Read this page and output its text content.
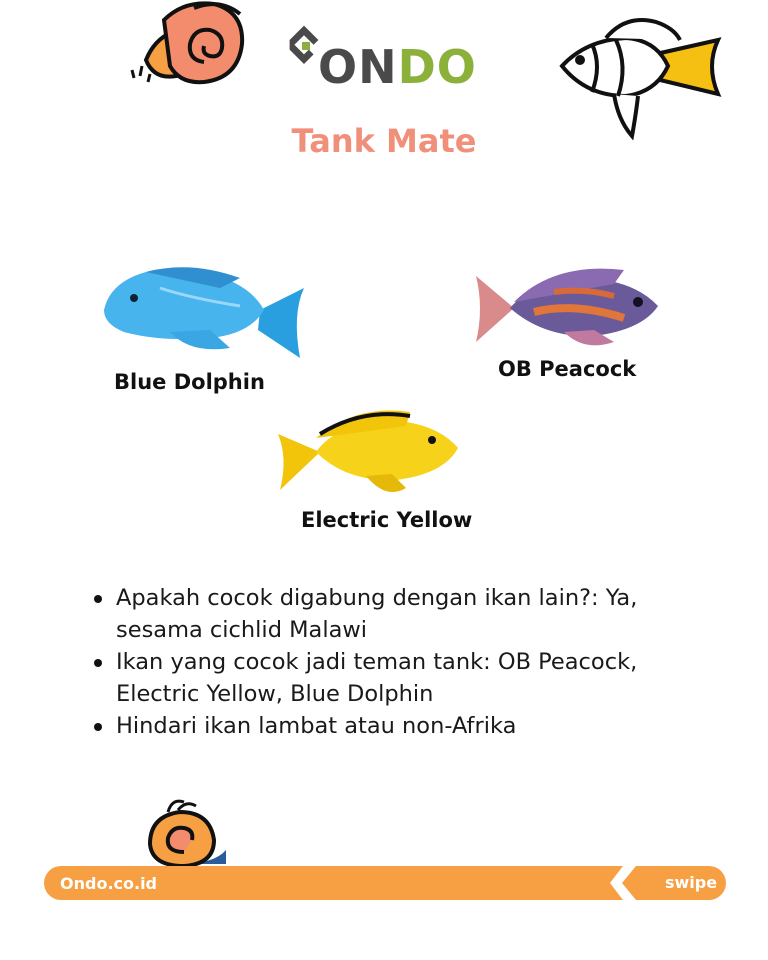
ONDO
Tank Mate
Blue Dolphin
OB Peacock
Electric Yellow
Apakah cocok digabung dengan ikan lain?: Ya, sesama cichlid Malawi
Ikan yang cocok jadi teman tank: OB Peacock, Electric Yellow, Blue Dolphin
Hindari ikan lambat atau non-Afrika
Ondo.co.id	swipe
